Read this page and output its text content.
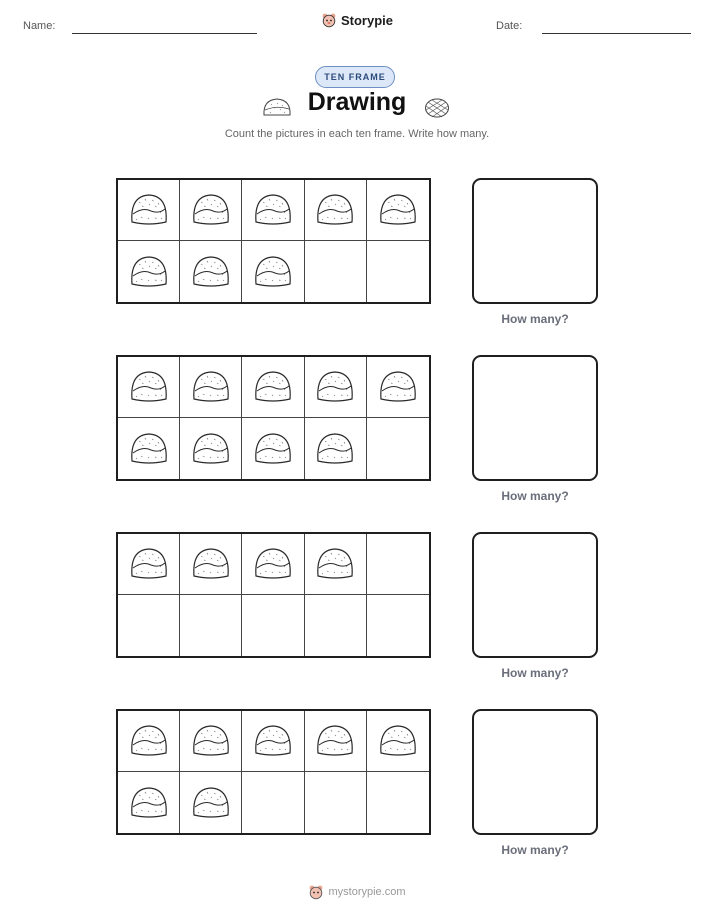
Name:	Storypie	Date:
TEN FRAME
Drawing
Count the pictures in each ten frame. Write how many.
How many?
How many?
How many?
How many?
mystorypie.com
